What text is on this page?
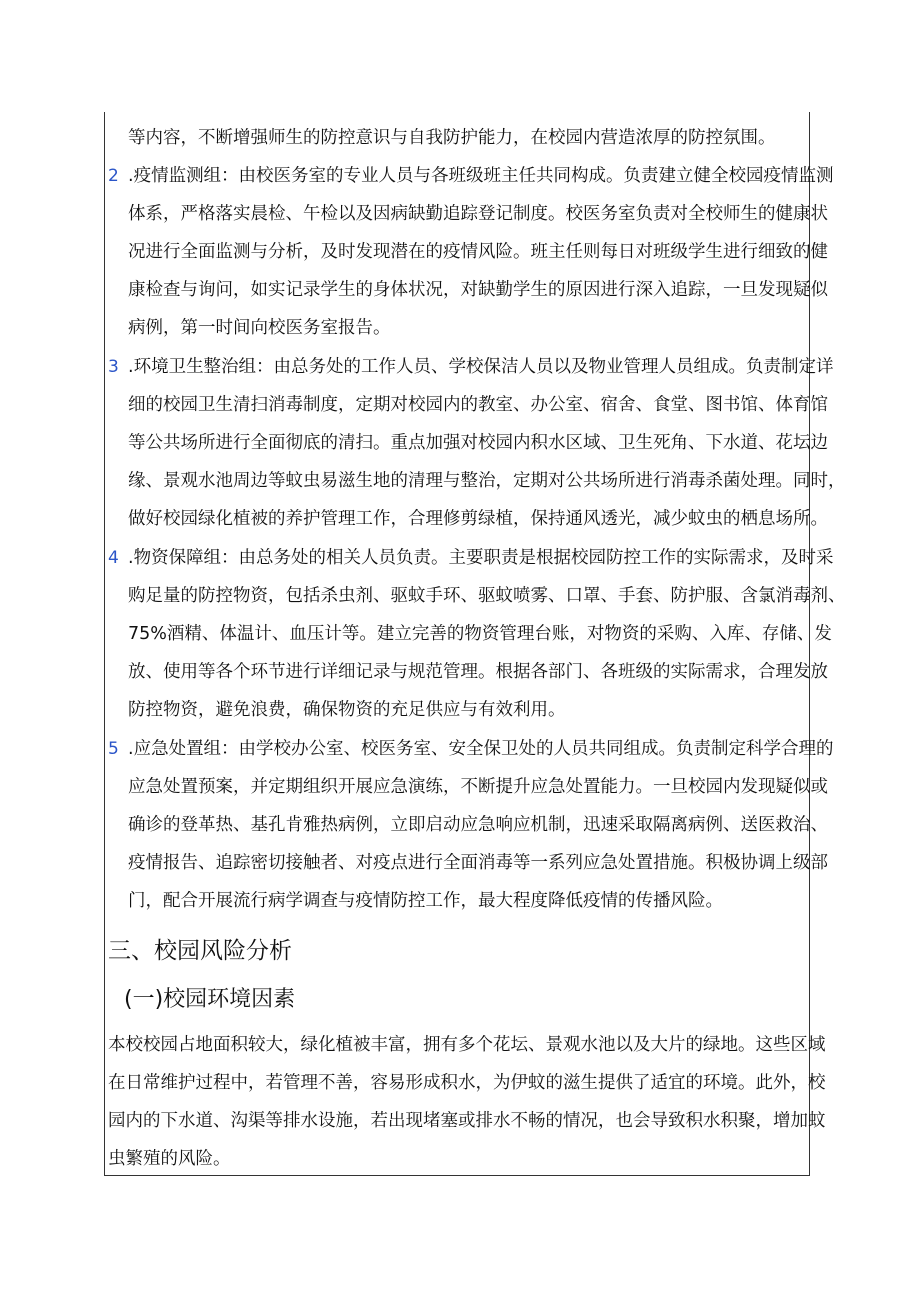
等内容，不断增强师生的防控意识与自我防护能力，在校园内营造浓厚的防控氛围。
2 .疫情监测组：由校医务室的专业人员与各班级班主任共同构成。负责建立健全校园疫情监测
体系，严格落实晨检、午检以及因病缺勤追踪登记制度。校医务室负责对全校师生的健康状
况进行全面监测与分析，及时发现潜在的疫情风险。班主任则每日对班级学生进行细致的健
康检查与询问，如实记录学生的身体状况，对缺勤学生的原因进行深入追踪，一旦发现疑似
病例，第一时间向校医务室报告。
3 .环境卫生整治组：由总务处的工作人员、学校保洁人员以及物业管理人员组成。负责制定详
细的校园卫生清扫消毒制度，定期对校园内的教室、办公室、宿舍、食堂、图书馆、体育馆
等公共场所进行全面彻底的清扫。重点加强对校园内积水区域、卫生死角、下水道、花坛边
缘、景观水池周边等蚊虫易滋生地的清理与整治，定期对公共场所进行消毒杀菌处理。同时，
做好校园绿化植被的养护管理工作，合理修剪绿植，保持通风透光，减少蚊虫的栖息场所。
4 .物资保障组：由总务处的相关人员负责。主要职责是根据校园防控工作的实际需求，及时采
购足量的防控物资，包括杀虫剂、驱蚊手环、驱蚊喷雾、口罩、手套、防护服、含氯消毒剂、
75%酒精、体温计、血压计等。建立完善的物资管理台账，对物资的采购、入库、存储、发
放、使用等各个环节进行详细记录与规范管理。根据各部门、各班级的实际需求，合理发放
防控物资，避免浪费，确保物资的充足供应与有效利用。
5 .应急处置组：由学校办公室、校医务室、安全保卫处的人员共同组成。负责制定科学合理的
应急处置预案，并定期组织开展应急演练，不断提升应急处置能力。一旦校园内发现疑似或
确诊的登革热、基孔肯雅热病例，立即启动应急响应机制，迅速采取隔离病例、送医救治、
疫情报告、追踪密切接触者、对疫点进行全面消毒等一系列应急处置措施。积极协调上级部
门，配合开展流行病学调查与疫情防控工作，最大程度降低疫情的传播风险。
三、校园风险分析
(一)校园环境因素
本校校园占地面积较大，绿化植被丰富，拥有多个花坛、景观水池以及大片的绿地。这些区域
在日常维护过程中，若管理不善，容易形成积水，为伊蚊的滋生提供了适宜的环境。此外，校
园内的下水道、沟渠等排水设施，若出现堵塞或排水不畅的情况，也会导致积水积聚，增加蚊
虫繁殖的风险。
